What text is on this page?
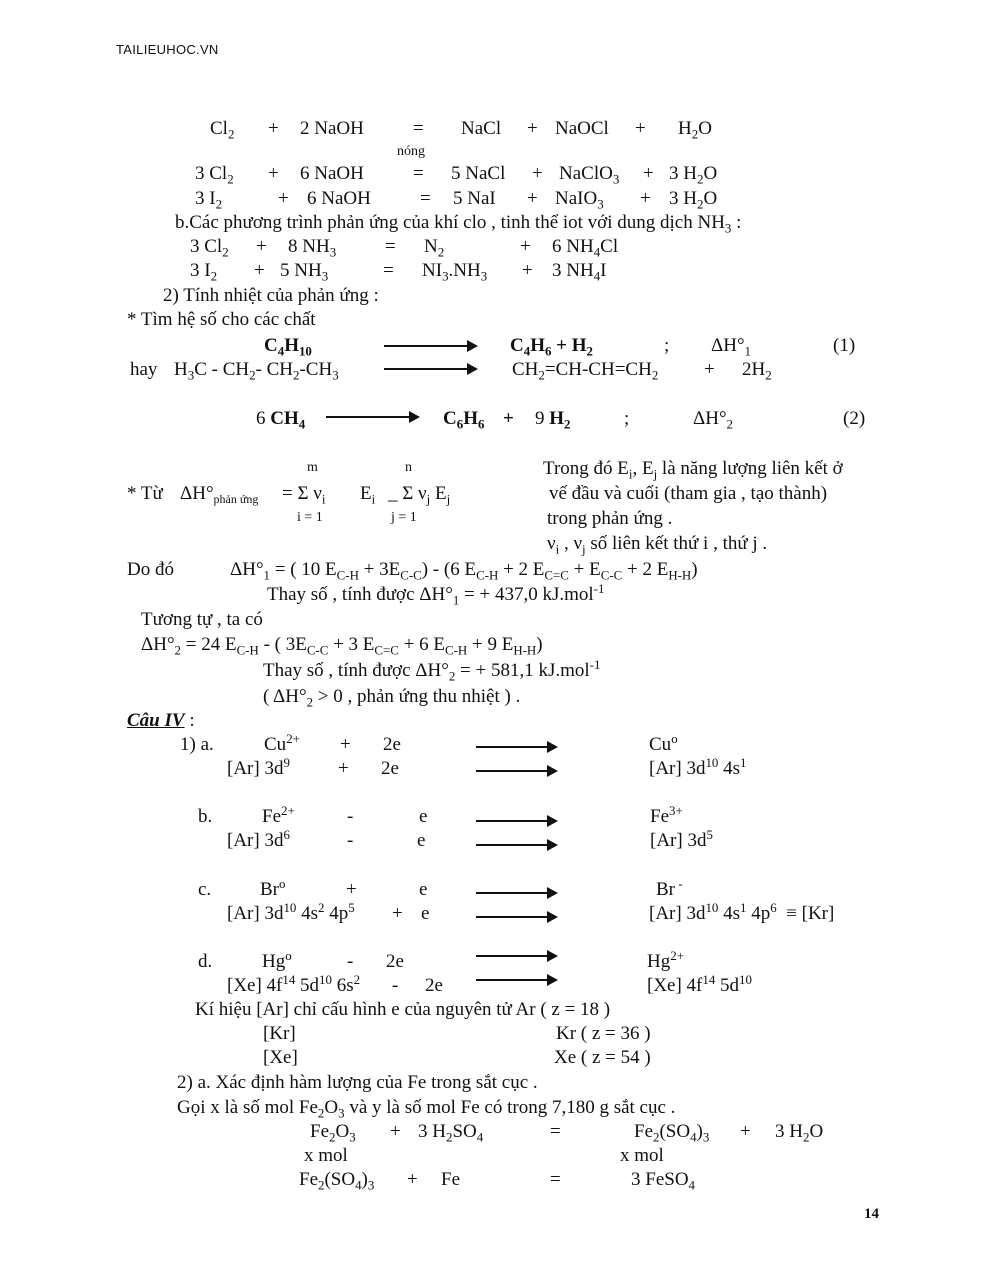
TAILIEUHOC.VN
$Cl_2 + 2$ NaOH	= NaCl + NaOCl + $H_2O$
nóng
3 $Cl_2 + 6$ NaOH	= 5 NaCl + NaClO$_3$ + 3 $H_2O$
3 $I_2$	+ 6 NaOH	= 5 NaI + NaIO$_3$ + 3 $H_2O$
b.Các phương trình phản ứng của khí clo , tinh thể iot với dung dịch $NH_3$ :
3 $Cl_2 + 8$ $NH_3$	= $N_2$	+ 6 $NH_4Cl$
3 $I_2 + 5$ $NH_3$	= $NI_3.NH_3 + 3$ $NH_4I$
2) Tính nhiệt của phản ứng :
* Tìm hệ số cho các chất
$C_4H_{10}$	$C_4H_6 + H_2$	; $\Delta H^\circ_1$	(1)
hay $H_3C - CH_2-$ $CH_2-CH_3$	$CH_2=CH-CH=CH_2 + 2H_2$
6 $CH_4$	$C_6H_6 + 9$ $H_2$	;	$\Delta H^\circ_2$	(2)
m	n
* Từ $\Delta H^\circ_{phản ứng} = \Sigma$ $\nu_i$ $E_i$ _ Σ $\nu_j$ $E_j$
i = 1	j = 1
Trong đó $E_i$, $E_j$ là năng lượng liên kết ở
vế đầu và cuối (tham gia , tạo thành)
trong phản ứng .
$\nu_i$ , $\nu_j$ số liên kết thứ i , thứ j .
Do đó	$\Delta H^\circ_1$ = ( 10 $E_{C-H} + 3E_{C-C}) - (6$ $E_{C-H} + 2$ $E_{C=C} + E_{C-C} + 2$ $E_{H-H}$)
Thay số , tính được $\Delta H^\circ_1$ = + 437,0 kJ.mol$^{-1}$
Tương tự , ta có
$\Delta H^\circ_2 = 24$ $E_{C-H}$ - ( $3E_{C-C} + 3$ $E_{C=C} + 6$ $E_{C-H} + 9$ $E_{H-H}$)
Thay số , tính được $\Delta H^\circ_2$ = + 581,1 kJ.mol$^{-1}$
( $\Delta H^\circ_2 > 0$ , phản ứng thu nhiệt ) .
Câu IV :
1) a.	$Cu^{2+} + 2e$	Cu$^o$
[Ar] $3d^9$	+ 2e	[Ar] $3d^{10}$ $4s^1$
b.	$Fe^{2+}$	-	e	$Fe^{3+}$
[Ar] $3d^6$	-	e	[Ar] $3d^5$
c.	$Br^o$	+	e	Br -
[Ar] $3d^{10}$ $4s^2$ $4p^5 + e$	[Ar] $3d^{10}$ $4s^1$ $4p^6 \equiv [Kr]$
d.	Hg$^o$	- 2e	$Hg^{2+}$
[Xe] $4f^{14}$ $5d^{10}$ $6s^2 - 2e$	[Xe] $4f^{14}$ $5d^{10}$
Kí hiệu [Ar] chỉ cấu hình e của nguyên tử Ar ( z = 18 )
[Kr]	Kr ( z = 36 )
[Xe]	Xe ( z = 54 )
2) a. Xác định hàm lượng của Fe trong sắt cục .
Gọi x là số mol $Fe_2O_3$ và y là số mol Fe có trong 7,180 g sắt cục .
$Fe_2O_3 + 3$ $H_2SO_4$	=	$Fe_2(SO_4)_3 + 3$ $H_2O$
x mol	x mol
$Fe_2(SO_4)_3 + Fe$	=	3 FeSO$_4$
14
